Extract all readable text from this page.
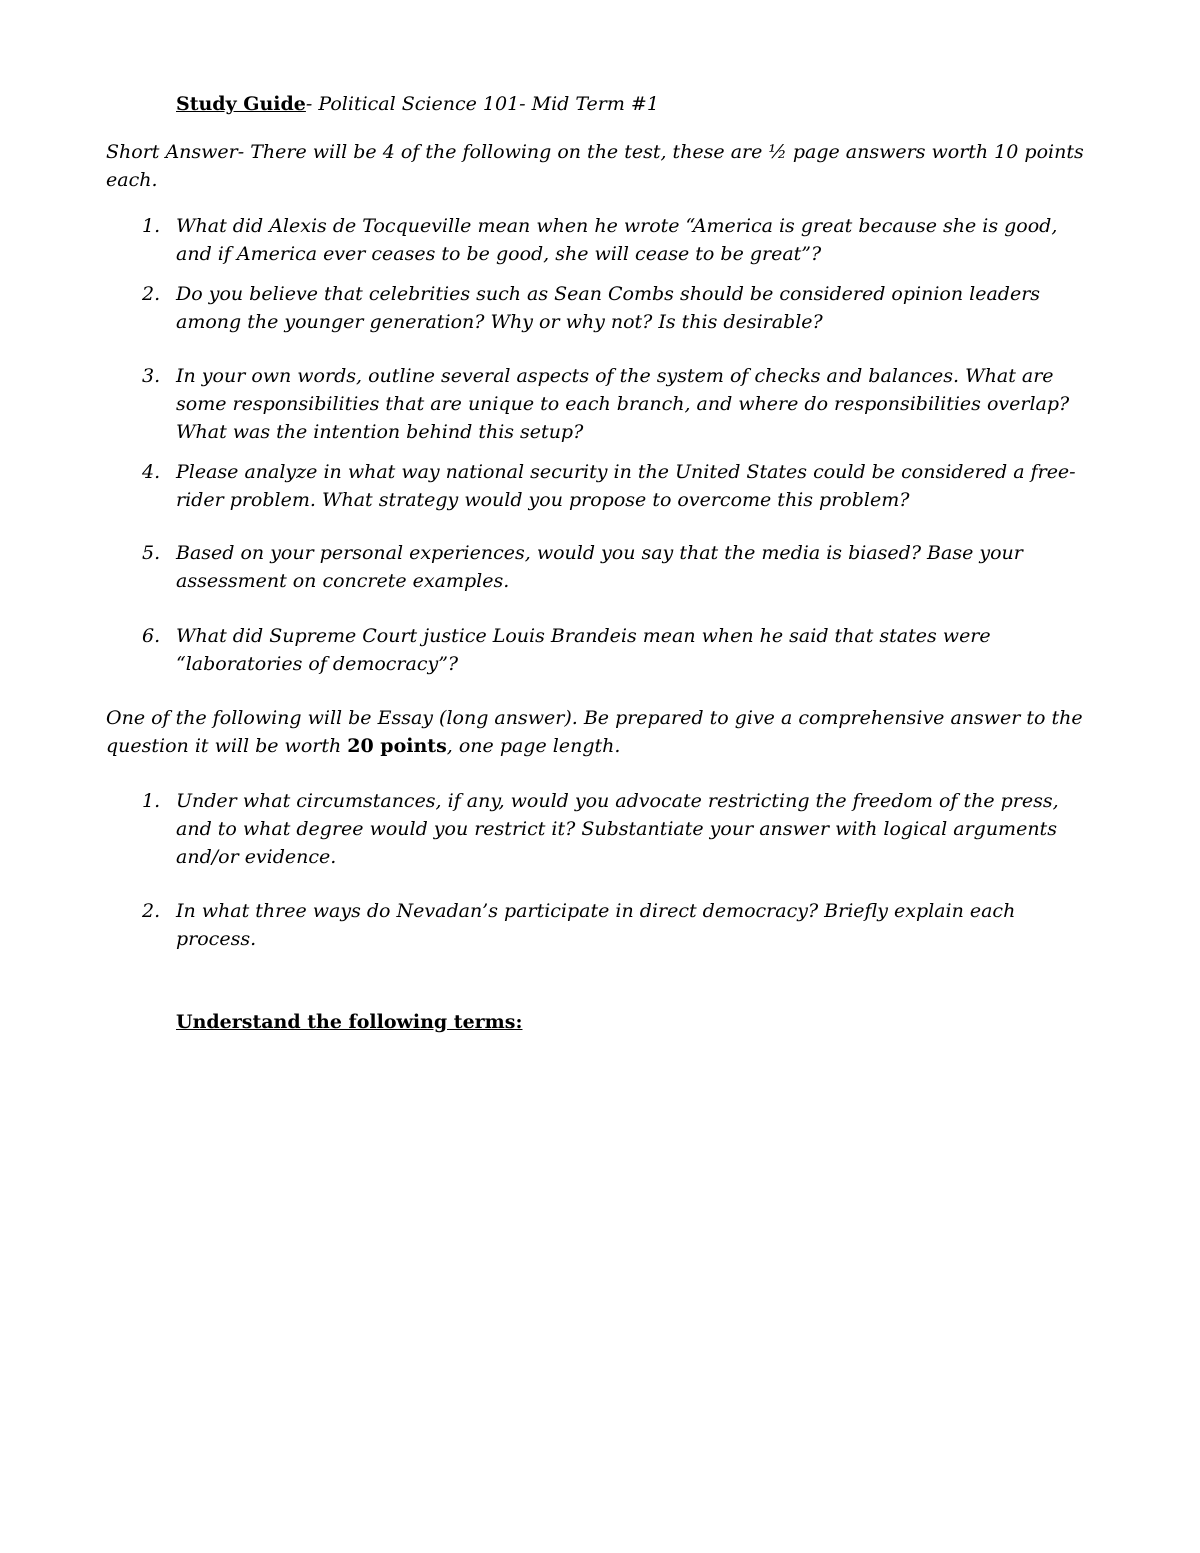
Study Guide- Political Science 101- Mid Term #1
Short Answer- There will be 4 of the following on the test, these are ½ page answers worth 10 points each.
1. What did Alexis de Tocqueville mean when he wrote “America is great because she is good, and if America ever ceases to be good, she will cease to be great”?
2. Do you believe that celebrities such as Sean Combs should be considered opinion leaders among the younger generation? Why or why not? Is this desirable?
3. In your own words, outline several aspects of the system of checks and balances. What are some responsibilities that are unique to each branch, and where do responsibilities overlap? What was the intention behind this setup?
4. Please analyze in what way national security in the United States could be considered a free-rider problem. What strategy would you propose to overcome this problem?
5. Based on your personal experiences, would you say that the media is biased? Base your assessment on concrete examples.
6. What did Supreme Court justice Louis Brandeis mean when he said that states were “laboratories of democracy”?
One of the following will be Essay (long answer). Be prepared to give a comprehensive answer to the question it will be worth 20 points, one page length.
1. Under what circumstances, if any, would you advocate restricting the freedom of the press, and to what degree would you restrict it? Substantiate your answer with logical arguments and/or evidence.
2. In what three ways do Nevadan’s participate in direct democracy? Briefly explain each process.
Understand the following terms:
